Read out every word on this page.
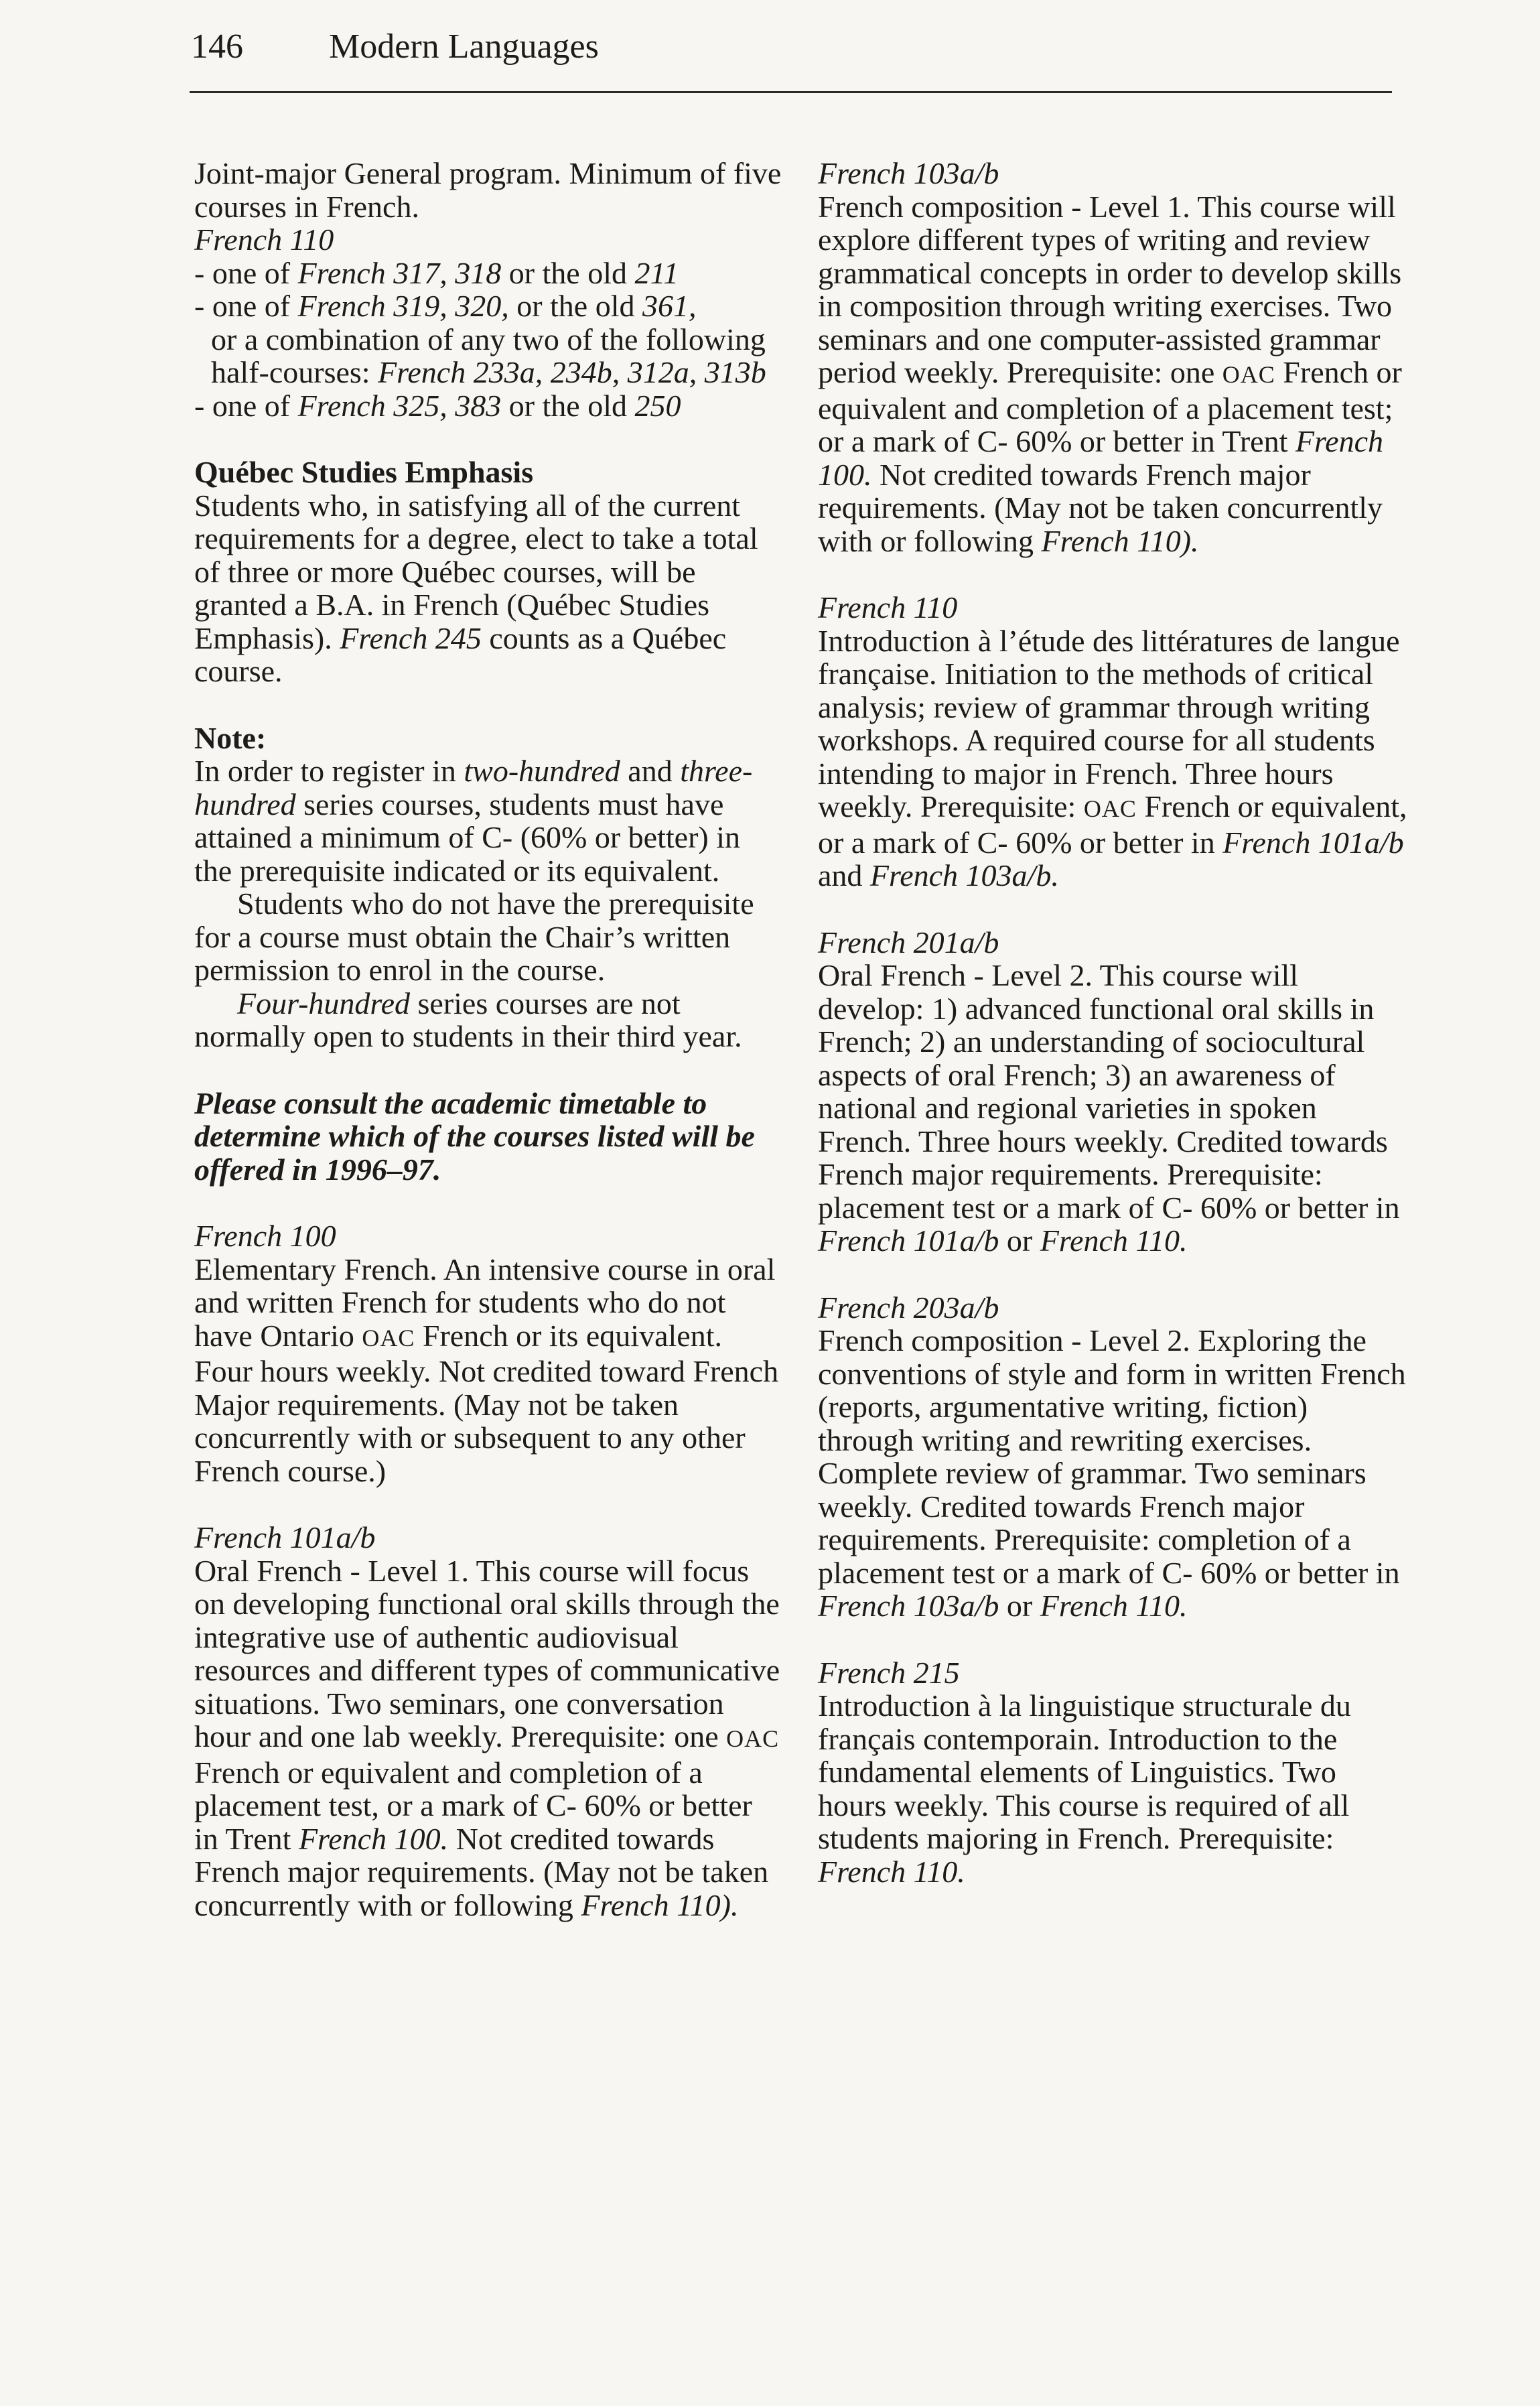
146 Modern Languages

Joint-major General program. Minimum of five courses in French.

French 110

- one of French 317, 318 or the old 211

- one of French 319, 320, or the old 361,

or a combination of any two of the following half-courses: French 233a, 234b, 312a, 313b

- one of French 325, 383 or the old 250

Québec Studies Emphasis

Students who, in satisfying all of the current requirements for a degree, elect to take a total of three or more Québec courses, will be granted a B.A. in French (Québec Studies Emphasis). French 245 counts as a Québec course.

Note:

In order to register in two-hundred and three-hundred series courses, students must have attained a minimum of C- (60% or better) in the prerequisite indicated or its equivalent.

Students who do not have the prerequisite for a course must obtain the Chair’s written permission to enrol in the course.

Four-hundred series courses are not normally open to students in their third year.

Please consult the academic timetable to determine which of the courses listed will be offered in 1996–97.

French 100

Elementary French. An intensive course in oral and written French for students who do not have Ontario OAC French or its equivalent. Four hours weekly. Not credited toward French Major requirements. (May not be taken concurrently with or subsequent to any other French course.)

French 101a/b

Oral French - Level 1. This course will focus on developing functional oral skills through the integrative use of authentic audiovisual resources and different types of communicative situations. Two seminars, one conversation hour and one lab weekly. Prerequisite: one OAC French or equivalent and completion of a placement test, or a mark of C- 60% or better in Trent French 100. Not credited towards French major requirements. (May not be taken concurrently with or following French 110).

French 103a/b

French composition - Level 1. This course will explore different types of writing and review grammatical concepts in order to develop skills in composition through writing exercises. Two seminars and one computer-assisted grammar period weekly. Prerequisite: one OAC French or equivalent and completion of a placement test; or a mark of C- 60% or better in Trent French 100. Not credited towards French major requirements. (May not be taken concurrently with or following French 110).

French 110

Introduction à l’étude des littératures de langue française. Initiation to the methods of critical analysis; review of grammar through writing workshops. A required course for all students intending to major in French. Three hours weekly. Prerequisite: OAC French or equivalent, or a mark of C- 60% or better in French 101a/b and French 103a/b.

French 201a/b

Oral French - Level 2. This course will develop: 1) advanced functional oral skills in French; 2) an understanding of sociocultural aspects of oral French; 3) an awareness of national and regional varieties in spoken French. Three hours weekly. Credited towards French major requirements. Prerequisite: placement test or a mark of C- 60% or better in French 101a/b or French 110.

French 203a/b

French composition - Level 2. Exploring the conventions of style and form in written French (reports, argumentative writing, fiction) through writing and rewriting exercises. Complete review of grammar. Two seminars weekly. Credited towards French major requirements. Prerequisite: completion of a placement test or a mark of C- 60% or better in French 103a/b or French 110.

French 215

Introduction à la linguistique structurale du français contemporain. Introduction to the fundamental elements of Linguistics. Two hours weekly. This course is required of all students majoring in French. Prerequisite: French 110.
